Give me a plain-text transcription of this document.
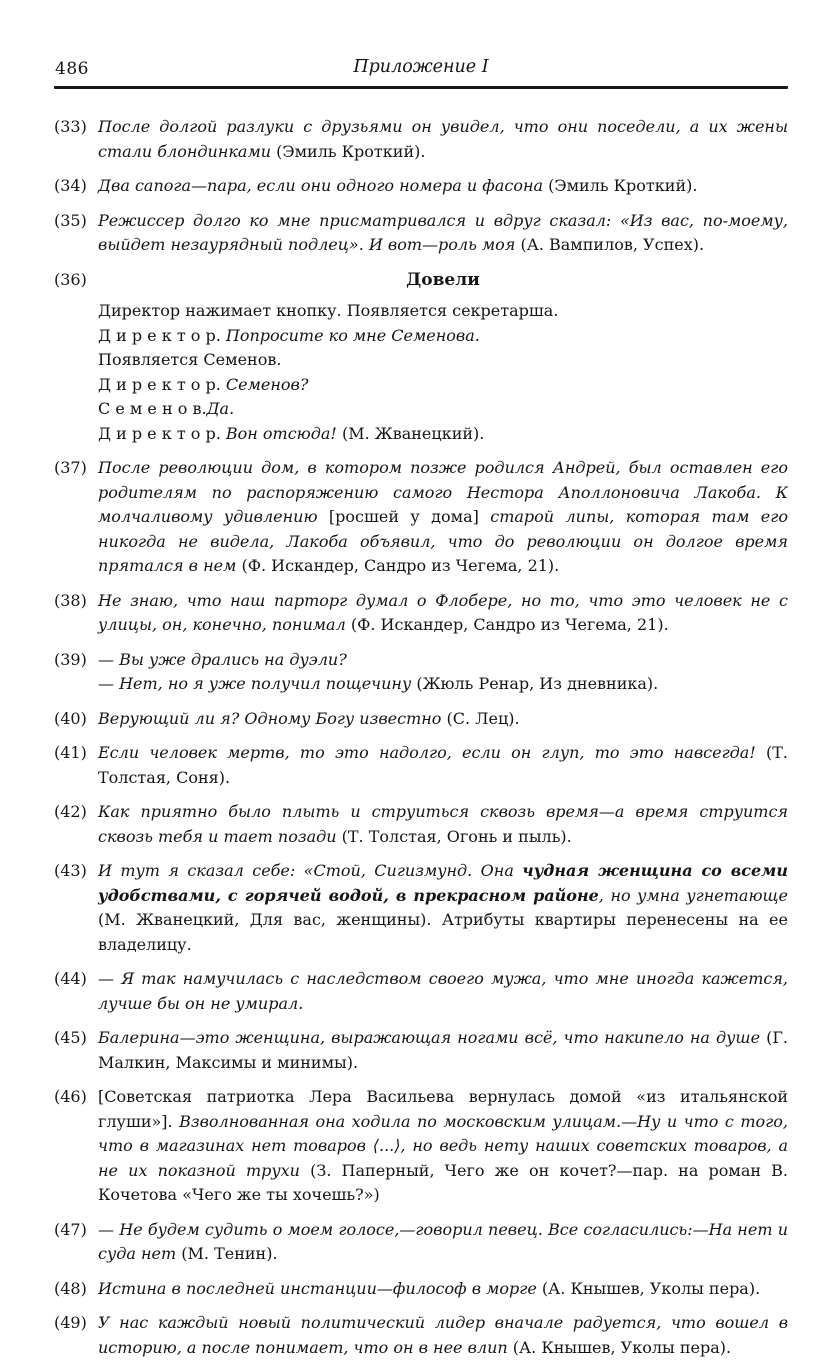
486	Приложение I
(33) После долгой разлуки с друзьями он увидел, что они поседели, а их жены стали блондинками (Эмиль Кроткий).

(34) Два сапога—пара, если они одного номера и фасона (Эмиль Кроткий).

(35) Режиссер долго ко мне присматривался и вдруг сказал: «Из вас, по-моему, выйдет незаурядный подлец». И вот—роль моя (А. Вампилов, Успех).

(36)	Довели

Директор нажимает кнопку. Появляется секретарша.

Д и р е к т о р. Попросите ко мне Семенова.

Появляется Семенов.

Д и р е к т о р. Семенов?

С е м е н о в.Да.

Д и р е к т о р. Вон отсюда! (М. Жванецкий).

(37) После революции дом, в котором позже родился Андрей, был оставлен его родителям по распоряжению самого Нестора Аполлоновича Лакоба. К молчаливому удивлению [росшей у дома] старой липы, которая там его никогда не видела, Лакоба объявил, что до революции он долгое время прятался в нем (Ф. Искандер, Сандро из Чегема, 21).

(38) Не знаю, что наш парторг думал о Флобере, но то, что это человек не с улицы, он, конечно, понимал (Ф. Искандер, Сандро из Чегема, 21).

(39) — Вы уже дрались на дуэли?

— Нет, но я уже получил пощечину (Жюль Ренар, Из дневника).

(40) Верующий ли я? Одному Богу известно (С. Лец).

(41) Если человек мертв, то это надолго, если он глуп, то это навсегда! (Т. Толстая, Соня).

(42) Как приятно было плыть и струиться сквозь время—а время струится сквозь тебя и тает позади (Т. Толстая, Огонь и пыль).

(43) И тут я сказал себе: «Стой, Сигизмунд. Она чудная женщина со всеми удобствами, с горячей водой, в прекрасном районе, но умна угнетающе (М. Жванецкий, Для вас, женщины). Атрибуты квартиры перенесены на ее владелицу.

(44) — Я так намучилась с наследством своего мужа, что мне иногда кажется, лучше бы он не умирал.

(45) Балерина—это женщина, выражающая ногами всё, что накипело на душе (Г. Малкин, Максимы и минимы).

(46) [Советская патриотка Лера Васильева вернулась домой «из итальянской глуши»]. Взволнованная она ходила по московским улицам.—Ну и что с того, что в магазинах нет товаров ⟨...⟩, но ведь нету наших советских товаров, а не их показной трухи (З. Паперный, Чего же он кочет?—пар. на роман В. Кочетова «Чего же ты хочешь?»)

(47) — Не будем судить о моем голосе,—говорил певец. Все согласились:—На нет и суда нет (М. Тенин).

(48) Истина в последней инстанции—философ в морге (А. Кнышев, Уколы пера).

(49) У нас каждый новый политический лидер вначале радуется, что вошел в историю, а после понимает, что он в нее влип (А. Кнышев, Уколы пера).
